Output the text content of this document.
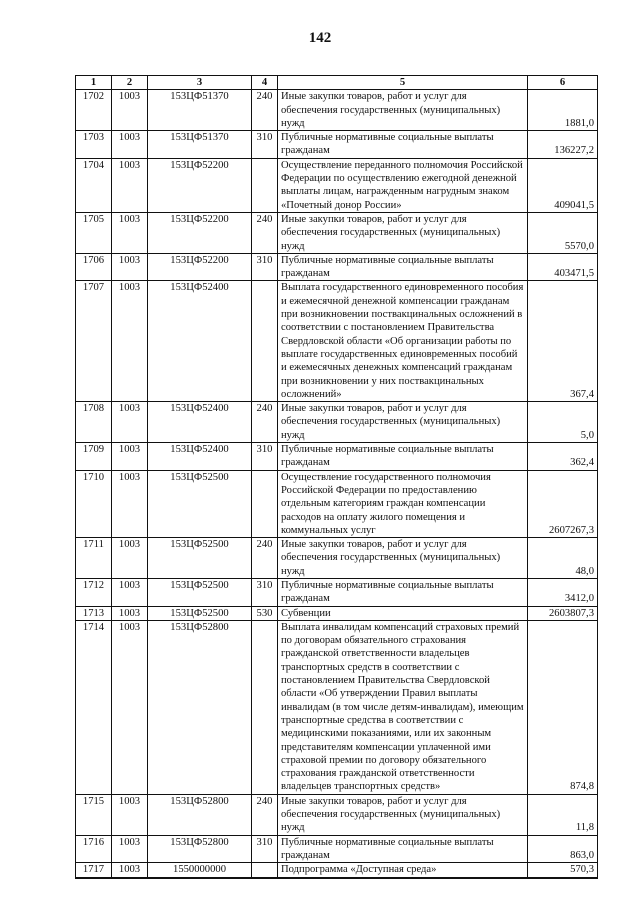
142
1	2	3	4	5	6
1702	1003	153ЦФ51370	240	Иные закупки товаров, работ и услуг для обеспечения государственных (муниципальных) нужд	1881,0
1703	1003	153ЦФ51370	310	Публичные нормативные социальные выплаты гражданам	136227,2
1704	1003	153ЦФ52200		Осуществление переданного полномочия Российской Федерации по осуществлению ежегодной денежной выплаты лицам, награжденным нагрудным знаком «Почетный донор России»	409041,5
1705	1003	153ЦФ52200	240	Иные закупки товаров, работ и услуг для обеспечения государственных (муниципальных) нужд	5570,0
1706	1003	153ЦФ52200	310	Публичные нормативные социальные выплаты гражданам	403471,5
1707	1003	153ЦФ52400		Выплата государственного единовременного пособия и ежемесячной денежной компенсации гражданам при возникновении поствакцинальных осложнений в соответствии с постановлением Правительства Свердловской области «Об организации работы по выплате государственных единовременных пособий и ежемесячных денежных компенсаций гражданам при возникновении у них поствакцинальных осложнений»	367,4
1708	1003	153ЦФ52400	240	Иные закупки товаров, работ и услуг для обеспечения государственных (муниципальных) нужд	5,0
1709	1003	153ЦФ52400	310	Публичные нормативные социальные выплаты гражданам	362,4
1710	1003	153ЦФ52500		Осуществление государственного полномочия Российской Федерации по предоставлению отдельным категориям граждан компенсации расходов на оплату жилого помещения и коммунальных услуг	2607267,3
1711	1003	153ЦФ52500	240	Иные закупки товаров, работ и услуг для обеспечения государственных (муниципальных) нужд	48,0
1712	1003	153ЦФ52500	310	Публичные нормативные социальные выплаты гражданам	3412,0
1713	1003	153ЦФ52500	530	Субвенции	2603807,3
1714	1003	153ЦФ52800		Выплата инвалидам компенсаций страховых премий по договорам обязательного страхования гражданской ответственности владельцев транспортных средств в соответствии с постановлением Правительства Свердловской области «Об утверждении Правил выплаты инвалидам (в том числе детям-инвалидам), имеющим транспортные средства в соответствии с медицинскими показаниями, или их законным представителям компенсации уплаченной ими страховой премии по договору обязательного страхования гражданской ответственности владельцев транспортных средств»	874,8
1715	1003	153ЦФ52800	240	Иные закупки товаров, работ и услуг для обеспечения государственных (муниципальных) нужд	11,8
1716	1003	153ЦФ52800	310	Публичные нормативные социальные выплаты гражданам	863,0
1717	1003	1550000000		Подпрограмма «Доступная среда»	570,3
